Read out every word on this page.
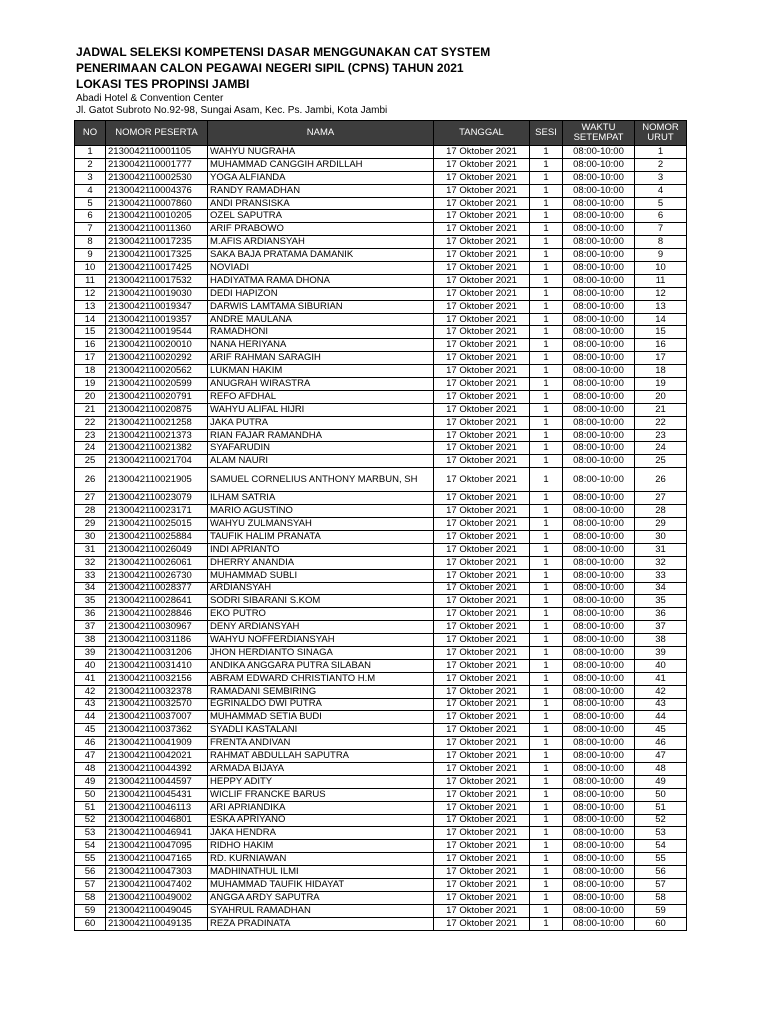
JADWAL SELEKSI KOMPETENSI DASAR MENGGUNAKAN CAT SYSTEM

PENERIMAAN CALON PEGAWAI NEGERI SIPIL (CPNS) TAHUN 2021

LOKASI TES PROPINSI JAMBI

Abadi Hotel & Convention Center

Jl. Gatot Subroto No.92-98, Sungai Asam, Kec. Ps. Jambi, Kota Jambi

NO	NOMOR PESERTA	NAMA	TANGGAL	SESI	WAKTU SETEMPAT	NOMOR URUT
1	2130042110001105	WAHYU NUGRAHA	17 Oktober 2021	1	08:00-10:00	1
2	2130042110001777	MUHAMMAD CANGGIH ARDILLAH	17 Oktober 2021	1	08:00-10:00	2
3	2130042110002530	YOGA ALFIANDA	17 Oktober 2021	1	08:00-10:00	3
4	2130042110004376	RANDY RAMADHAN	17 Oktober 2021	1	08:00-10:00	4
5	2130042110007860	ANDI PRANSISKA	17 Oktober 2021	1	08:00-10:00	5
6	2130042110010205	OZEL SAPUTRA	17 Oktober 2021	1	08:00-10:00	6
7	2130042110011360	ARIF PRABOWO	17 Oktober 2021	1	08:00-10:00	7
8	2130042110017235	M.AFIS ARDIANSYAH	17 Oktober 2021	1	08:00-10:00	8
9	2130042110017325	SAKA BAJA PRATAMA DAMANIK	17 Oktober 2021	1	08:00-10:00	9
10	2130042110017425	NOVIADI	17 Oktober 2021	1	08:00-10:00	10
11	2130042110017532	HADIYATMA RAMA DHONA	17 Oktober 2021	1	08:00-10:00	11
12	2130042110019030	DEDI HAPIZON	17 Oktober 2021	1	08:00-10:00	12
13	2130042110019347	DARWIS LAMTAMA SIBURIAN	17 Oktober 2021	1	08:00-10:00	13
14	2130042110019357	ANDRE MAULANA	17 Oktober 2021	1	08:00-10:00	14
15	2130042110019544	RAMADHONI	17 Oktober 2021	1	08:00-10:00	15
16	2130042110020010	NANA HERIYANA	17 Oktober 2021	1	08:00-10:00	16
17	2130042110020292	ARIF RAHMAN SARAGIH	17 Oktober 2021	1	08:00-10:00	17
18	2130042110020562	LUKMAN HAKIM	17 Oktober 2021	1	08:00-10:00	18
19	2130042110020599	ANUGRAH WIRASTRA	17 Oktober 2021	1	08:00-10:00	19
20	2130042110020791	REFO AFDHAL	17 Oktober 2021	1	08:00-10:00	20
21	2130042110020875	WAHYU ALIFAL HIJRI	17 Oktober 2021	1	08:00-10:00	21
22	2130042110021258	JAKA PUTRA	17 Oktober 2021	1	08:00-10:00	22
23	2130042110021373	RIAN FAJAR RAMANDHA	17 Oktober 2021	1	08:00-10:00	23
24	2130042110021382	SYAFARUDIN	17 Oktober 2021	1	08:00-10:00	24
25	2130042110021704	ALAM NAURI	17 Oktober 2021	1	08:00-10:00	25
26	2130042110021905	SAMUEL CORNELIUS ANTHONY MARBUN, SH	17 Oktober 2021	1	08:00-10:00	26
27	2130042110023079	ILHAM SATRIA	17 Oktober 2021	1	08:00-10:00	27
28	2130042110023171	MARIO AGUSTINO	17 Oktober 2021	1	08:00-10:00	28
29	2130042110025015	WAHYU ZULMANSYAH	17 Oktober 2021	1	08:00-10:00	29
30	2130042110025884	TAUFIK HALIM PRANATA	17 Oktober 2021	1	08:00-10:00	30
31	2130042110026049	INDI APRIANTO	17 Oktober 2021	1	08:00-10:00	31
32	2130042110026061	DHERRY ANANDIA	17 Oktober 2021	1	08:00-10:00	32
33	2130042110026730	MUHAMMAD SUBLI	17 Oktober 2021	1	08:00-10:00	33
34	2130042110028377	ARDIANSYAH	17 Oktober 2021	1	08:00-10:00	34
35	2130042110028641	SODRI SIBARANI S.KOM	17 Oktober 2021	1	08:00-10:00	35
36	2130042110028846	EKO PUTRO	17 Oktober 2021	1	08:00-10:00	36
37	2130042110030967	DENY ARDIANSYAH	17 Oktober 2021	1	08:00-10:00	37
38	2130042110031186	WAHYU NOFFERDIANSYAH	17 Oktober 2021	1	08:00-10:00	38
39	2130042110031206	JHON HERDIANTO SINAGA	17 Oktober 2021	1	08:00-10:00	39
40	2130042110031410	ANDIKA ANGGARA PUTRA SILABAN	17 Oktober 2021	1	08:00-10:00	40
41	2130042110032156	ABRAM EDWARD CHRISTIANTO H.M	17 Oktober 2021	1	08:00-10:00	41
42	2130042110032378	RAMADANI SEMBIRING	17 Oktober 2021	1	08:00-10:00	42
43	2130042110032570	EGRINALDO DWI PUTRA	17 Oktober 2021	1	08:00-10:00	43
44	2130042110037007	MUHAMMAD SETIA BUDI	17 Oktober 2021	1	08:00-10:00	44
45	2130042110037362	SYADLI KASTALANI	17 Oktober 2021	1	08:00-10:00	45
46	2130042110041909	FRENTA ANDIVAN	17 Oktober 2021	1	08:00-10:00	46
47	2130042110042021	RAHMAT ABDULLAH SAPUTRA	17 Oktober 2021	1	08:00-10:00	47
48	2130042110044392	ARMADA BIJAYA	17 Oktober 2021	1	08:00-10:00	48
49	2130042110044597	HEPPY ADITY	17 Oktober 2021	1	08:00-10:00	49
50	2130042110045431	WICLIF FRANCKE BARUS	17 Oktober 2021	1	08:00-10:00	50
51	2130042110046113	ARI APRIANDIKA	17 Oktober 2021	1	08:00-10:00	51
52	2130042110046801	ESKA APRIYANO	17 Oktober 2021	1	08:00-10:00	52
53	2130042110046941	JAKA HENDRA	17 Oktober 2021	1	08:00-10:00	53
54	2130042110047095	RIDHO HAKIM	17 Oktober 2021	1	08:00-10:00	54
55	2130042110047165	RD. KURNIAWAN	17 Oktober 2021	1	08:00-10:00	55
56	2130042110047303	MADHINATHUL ILMI	17 Oktober 2021	1	08:00-10:00	56
57	2130042110047402	MUHAMMAD TAUFIK HIDAYAT	17 Oktober 2021	1	08:00-10:00	57
58	2130042110049002	ANGGA ARDY SAPUTRA	17 Oktober 2021	1	08:00-10:00	58
59	2130042110049045	SYAHRUL RAMADHAN	17 Oktober 2021	1	08:00-10:00	59
60	2130042110049135	REZA PRADINATA	17 Oktober 2021	1	08:00-10:00	60
